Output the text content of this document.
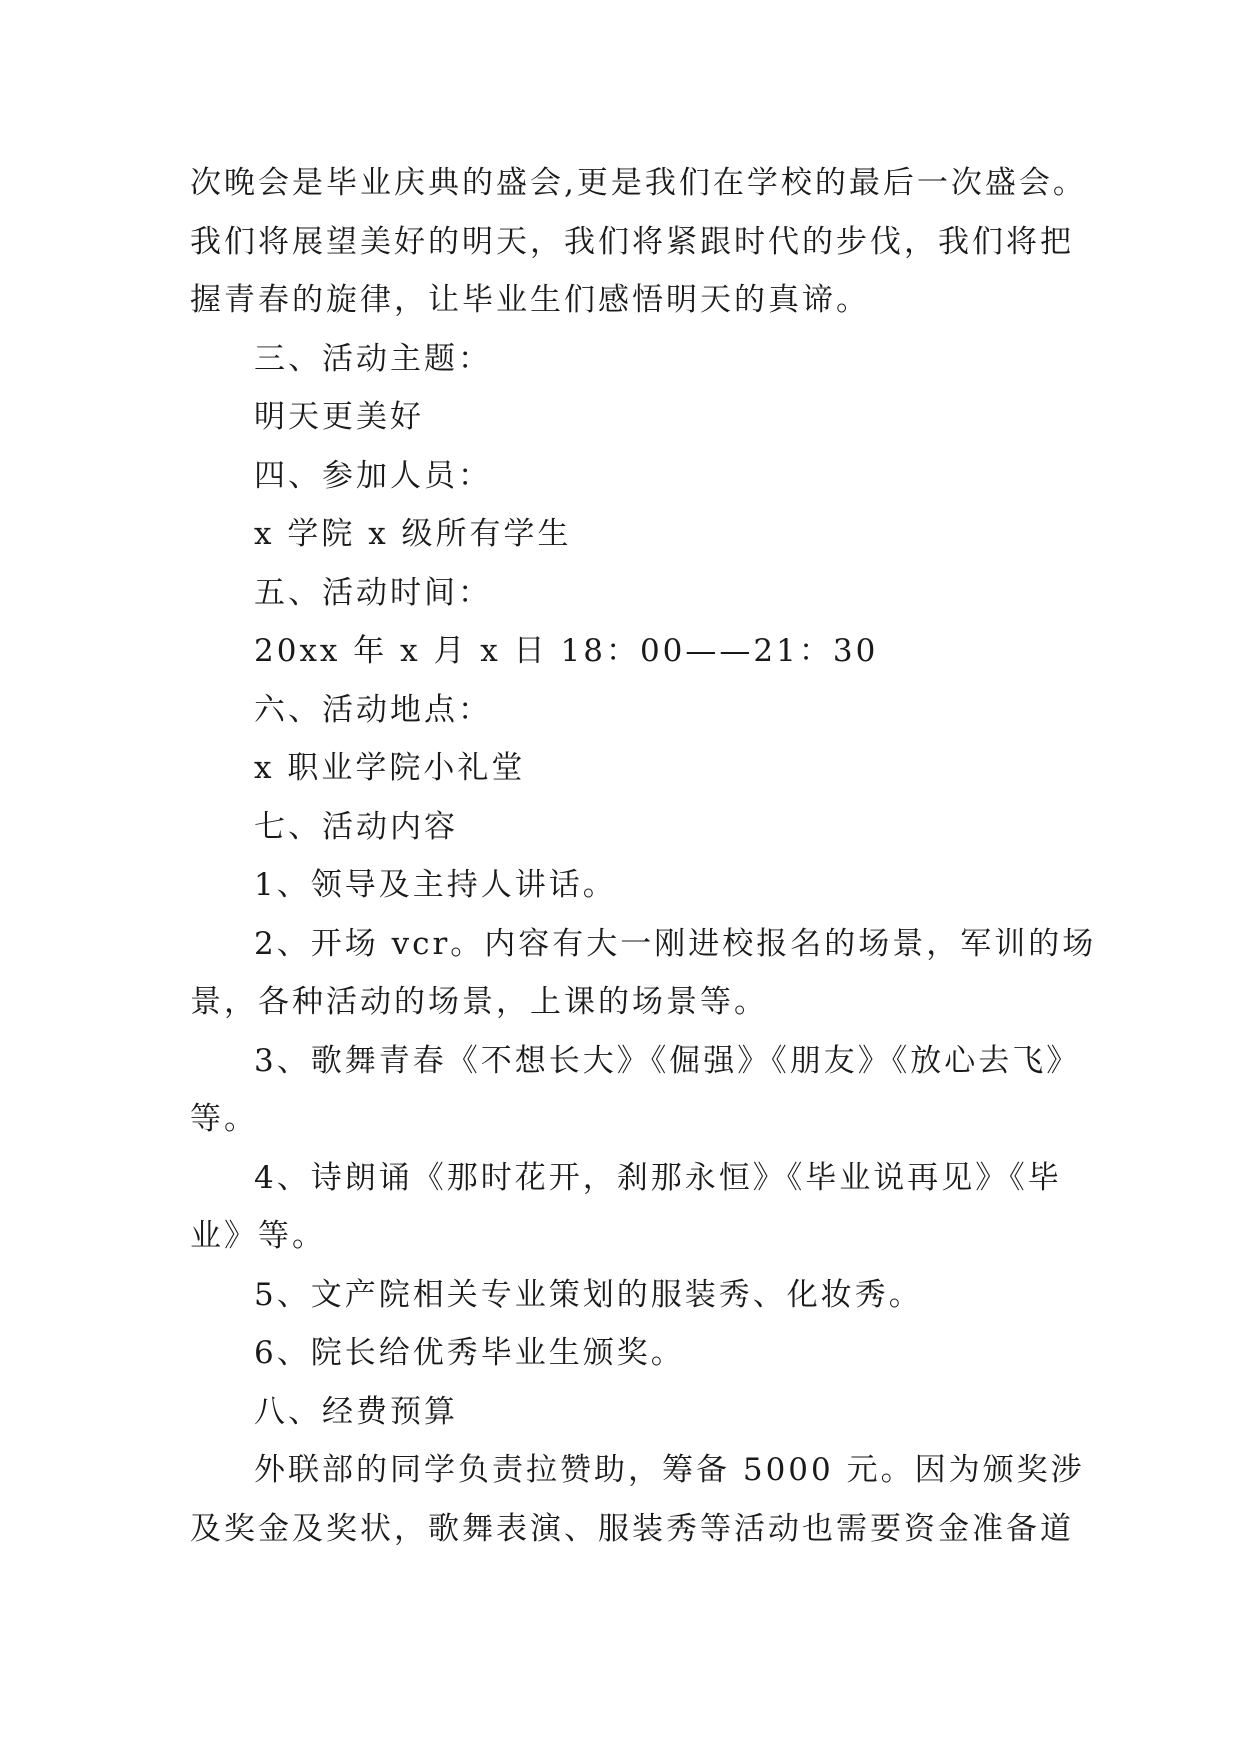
次晚会是毕业庆典的盛会,更是我们在学校的最后一次盛会。
我们将展望美好的明天，我们将紧跟时代的步伐，我们将把
握青春的旋律，让毕业生们感悟明天的真谛。
三、活动主题：
明天更美好
四、参加人员：
x 学院 x 级所有学生
五、活动时间：
20xx 年 x 月 x 日 18：00——21：30
六、活动地点：
x 职业学院小礼堂
七、活动内容
1、领导及主持人讲话。
2、开场 vcr。内容有大一刚进校报名的场景，军训的场
景，各种活动的场景，上课的场景等。
3、歌舞青春《不想长大》《倔强》《朋友》《放心去飞》
等。
4、诗朗诵《那时花开，刹那永恒》《毕业说再见》《毕
业》等。
5、文产院相关专业策划的服装秀、化妆秀。
6、院长给优秀毕业生颁奖。
八、经费预算
外联部的同学负责拉赞助，筹备 5000 元。因为颁奖涉
及奖金及奖状，歌舞表演、服装秀等活动也需要资金准备道
